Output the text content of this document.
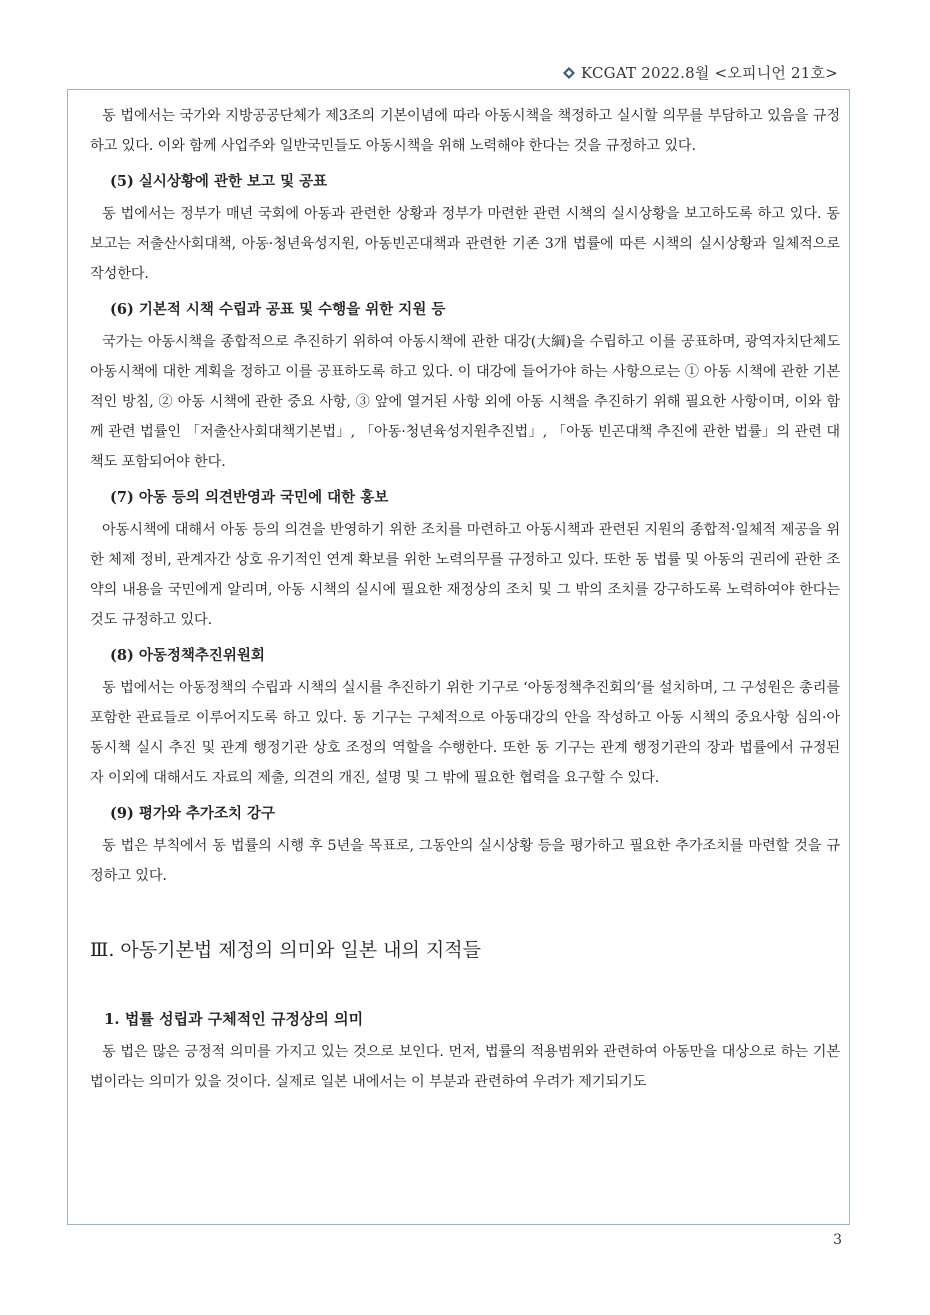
KCGAT 2022.8월 <오피니언 21호>

동 법에서는 국가와 지방공공단체가 제3조의 기본이념에 따라 아동시책을 책정하고 실시할 의무를 부담하고 있음을 규정하고 있다. 이와 함께 사업주와 일반국민들도 아동시책을 위해 노력해야 한다는 것을 규정하고 있다.

(5) 실시상황에 관한 보고 및 공표

동 법에서는 정부가 매년 국회에 아동과 관련한 상황과 정부가 마련한 관련 시책의 실시상황을 보고하도록 하고 있다. 동 보고는 저출산사회대책, 아동·청년육성지원, 아동빈곤대책과 관련한 기존 3개 법률에 따른 시책의 실시상황과 일체적으로 작성한다.

(6) 기본적 시책 수립과 공표 및 수행을 위한 지원 등

국가는 아동시책을 종합적으로 추진하기 위하여 아동시책에 관한 대강(大綱)을 수립하고 이를 공표하며, 광역자치단체도 아동시책에 대한 계획을 정하고 이를 공표하도록 하고 있다. 이 대강에 들어가야 하는 사항으로는 ① 아동 시책에 관한 기본적인 방침, ② 아동 시책에 관한 중요 사항, ③ 앞에 열거된 사항 외에 아동 시책을 추진하기 위해 필요한 사항이며, 이와 함께 관련 법률인 「저출산사회대책기본법」, 「아동·청년육성지원추진법」, 「아동 빈곤대책 추진에 관한 법률」의 관련 대책도 포함되어야 한다.

(7) 아동 등의 의견반영과 국민에 대한 홍보

아동시책에 대해서 아동 등의 의견을 반영하기 위한 조치를 마련하고 아동시책과 관련된 지원의 종합적·일체적 제공을 위한 체제 정비, 관계자간 상호 유기적인 연계 확보를 위한 노력의무를 규정하고 있다. 또한 동 법률 및 아동의 권리에 관한 조약의 내용을 국민에게 알리며, 아동 시책의 실시에 필요한 재정상의 조치 및 그 밖의 조치를 강구하도록 노력하여야 한다는 것도 규정하고 있다.

(8) 아동정책추진위원회

동 법에서는 아동정책의 수립과 시책의 실시를 추진하기 위한 기구로 ‘아동정책추진회의’를 설치하며, 그 구성원은 총리를 포함한 관료들로 이루어지도록 하고 있다. 동 기구는 구체적으로 아동대강의 안을 작성하고 아동 시책의 중요사항 심의·아동시책 실시 추진 및 관계 행정기관 상호 조정의 역할을 수행한다. 또한 동 기구는 관계 행정기관의 장과 법률에서 규정된 자 이외에 대해서도 자료의 제출, 의견의 개진, 설명 및 그 밖에 필요한 협력을 요구할 수 있다.

(9) 평가와 추가조치 강구

동 법은 부칙에서 동 법률의 시행 후 5년을 목표로, 그동안의 실시상황 등을 평가하고 필요한 추가조치를 마련할 것을 규정하고 있다.

Ⅲ. 아동기본법 제정의 의미와 일본 내의 지적들
1. 법률 성립과 구체적인 규정상의 의미

동 법은 많은 긍정적 의미를 가지고 있는 것으로 보인다. 먼저, 법률의 적용범위와 관련하여 아동만을 대상으로 하는 기본법이라는 의미가 있을 것이다. 실제로 일본 내에서는 이 부분과 관련하여 우려가 제기되기도

3
